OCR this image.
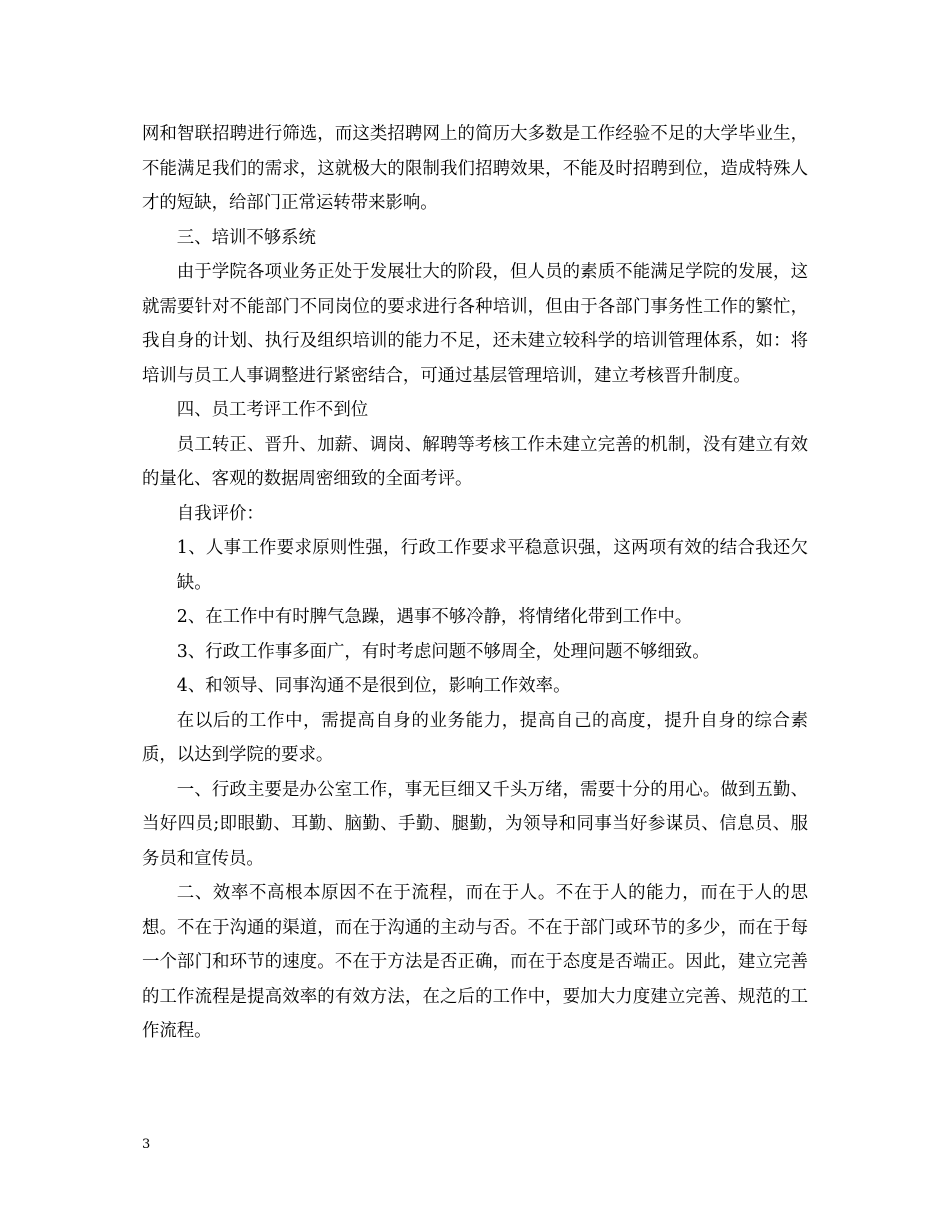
网和智联招聘进行筛选，而这类招聘网上的简历大多数是工作经验不足的大学毕业生，不能满足我们的需求，这就极大的限制我们招聘效果，不能及时招聘到位，造成特殊人才的短缺，给部门正常运转带来影响。

三、培训不够系统

由于学院各项业务正处于发展壮大的阶段，但人员的素质不能满足学院的发展，这就需要针对不能部门不同岗位的要求进行各种培训，但由于各部门事务性工作的繁忙，我自身的计划、执行及组织培训的能力不足，还未建立较科学的培训管理体系，如：将培训与员工人事调整进行紧密结合，可通过基层管理培训，建立考核晋升制度。

四、员工考评工作不到位

员工转正、晋升、加薪、调岗、解聘等考核工作未建立完善的机制，没有建立有效的量化、客观的数据周密细致的全面考评。

自我评价：

1、人事工作要求原则性强，行政工作要求平稳意识强，这两项有效的结合我还欠缺。

2、在工作中有时脾气急躁，遇事不够冷静，将情绪化带到工作中。

3、行政工作事多面广，有时考虑问题不够周全，处理问题不够细致。

4、和领导、同事沟通不是很到位，影响工作效率。

在以后的工作中，需提高自身的业务能力，提高自己的高度，提升自身的综合素质，以达到学院的要求。

一、行政主要是办公室工作，事无巨细又千头万绪，需要十分的用心。做到五勤、当好四员;即眼勤、耳勤、脑勤、手勤、腿勤，为领导和同事当好参谋员、信息员、服务员和宣传员。

二、效率不高根本原因不在于流程，而在于人。不在于人的能力，而在于人的思想。不在于沟通的渠道，而在于沟通的主动与否。不在于部门或环节的多少，而在于每一个部门和环节的速度。不在于方法是否正确，而在于态度是否端正。因此，建立完善的工作流程是提高效率的有效方法，在之后的工作中，要加大力度建立完善、规范的工作流程。

3
